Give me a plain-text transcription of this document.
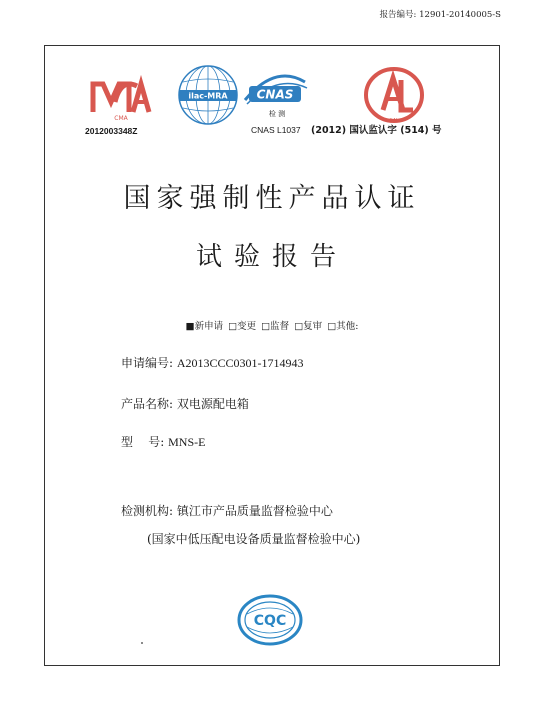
报告编号: 12901-20140005-S
CMA
ilac-MRA CNAS
检 测
CAL
2012003348Z	CNAS L1037 (2012) 国认监认字 (514) 号
国家强制性产品认证
试验报告
■新申请 □变更 □监督 □复审 □其他:
申请编号: A2013CCC0301-1714943
产品名称: 双电源配电箱
型    号: MNS-E
检测机构: 镇江市产品质量监督检验中心
(国家中低压配电设备质量监督检验中心)
CQC
